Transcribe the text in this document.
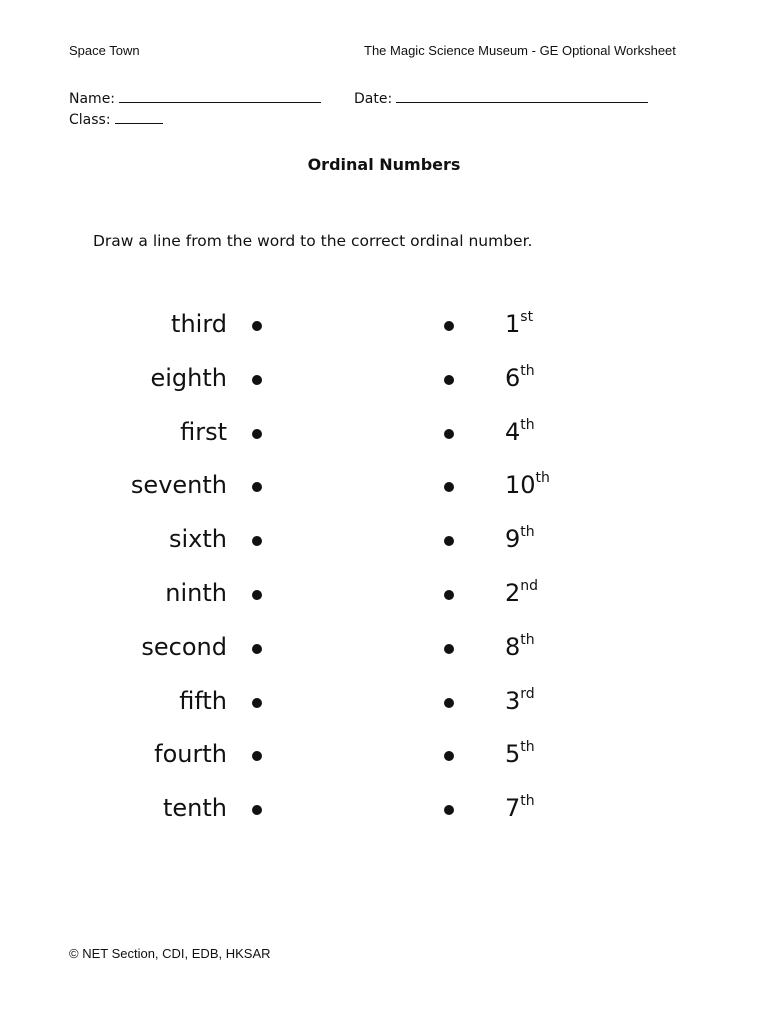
Space Town	The Magic Science Museum - GE Optional Worksheet
Name:	Date:
Class:
Ordinal Numbers
Draw a line from the word to the correct ordinal number.
third	1st
eighth	6th
first	4th
seventh	10th
sixth	9th
ninth	2nd
second	8th
fifth	3rd
fourth	5th
tenth	7th
© NET Section, CDI, EDB, HKSAR
